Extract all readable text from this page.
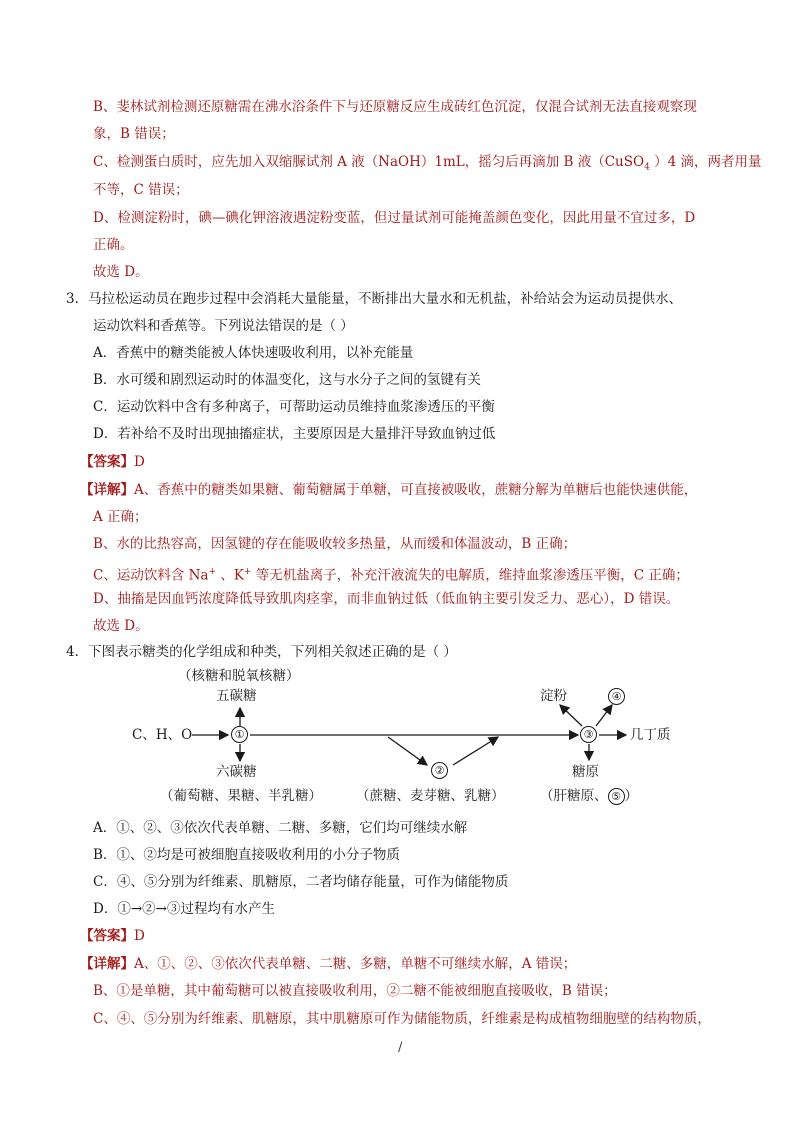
B、斐林试剂检测还原糖需在沸水浴条件下与还原糖反应生成砖红色沉淀，仅混合试剂无法直接观察现
象，B 错误；
C、检测蛋白质时，应先加入双缩脲试剂 A 液（NaOH）1mL，摇匀后再滴加 B 液（CuSO$_4$ ）4 滴，两者用量
不等，C 错误；
D、检测淀粉时，碘—碘化钾溶液遇淀粉变蓝，但过量试剂可能掩盖颜色变化，因此用量不宜过多，D
正确。
故选 D。
3．马拉松运动员在跑步过程中会消耗大量能量，不断排出大量水和无机盐，补给站会为运动员提供水、
运动饮料和香蕉等。下列说法错误的是（ ）
A．香蕉中的糖类能被人体快速吸收利用，以补充能量
B．水可缓和剧烈运动时的体温变化，这与水分子之间的氢键有关
C．运动饮料中含有多种离子，可帮助运动员维持血浆渗透压的平衡
D．若补给不及时出现抽搐症状，主要原因是大量排汗导致血钠过低
【答案】D
【详解】A、香蕉中的糖类如果糖、葡萄糖属于单糖，可直接被吸收，蔗糖分解为单糖后也能快速供能，
A 正确；
B、水的比热容高，因氢键的存在能吸收较多热量，从而缓和体温波动，B 正确；
C、运动饮料含 Na+ 、K+ 等无机盐离子，补充汗液流失的电解质，维持血浆渗透压平衡，C 正确；
D、抽搐是因血钙浓度降低导致肌肉痉挛，而非血钠过低（低血钠主要引发乏力、恶心），D 错误。
故选 D。
4．下图表示糖类的化学组成和种类，下列相关叙述正确的是（ ）
（核糖和脱氧核糖）
五碳糖
C、H、O	①
六碳糖
（葡萄糖、果糖、半乳糖）
②
（蔗糖、麦芽糖、乳糖）
③
淀粉	④
几丁质
糖原
（肝糖原、 ⑤ ）
A．①、②、③依次代表单糖、二糖、多糖，它们均可继续水解
B．①、②均是可被细胞直接吸收利用的小分子物质
C．④、⑤分别为纤维素、肌糖原，二者均储存能量，可作为储能物质
D．①→②→③过程均有水产生
【答案】D
【详解】A、①、②、③依次代表单糖、二糖、多糖，单糖不可继续水解，A 错误；
B、①是单糖，其中葡萄糖可以被直接吸收利用，②二糖不能被细胞直接吸收，B 错误；
C、④、⑤分别为纤维素、肌糖原，其中肌糖原可作为储能物质，纤维素是构成植物细胞壁的结构物质，
/
